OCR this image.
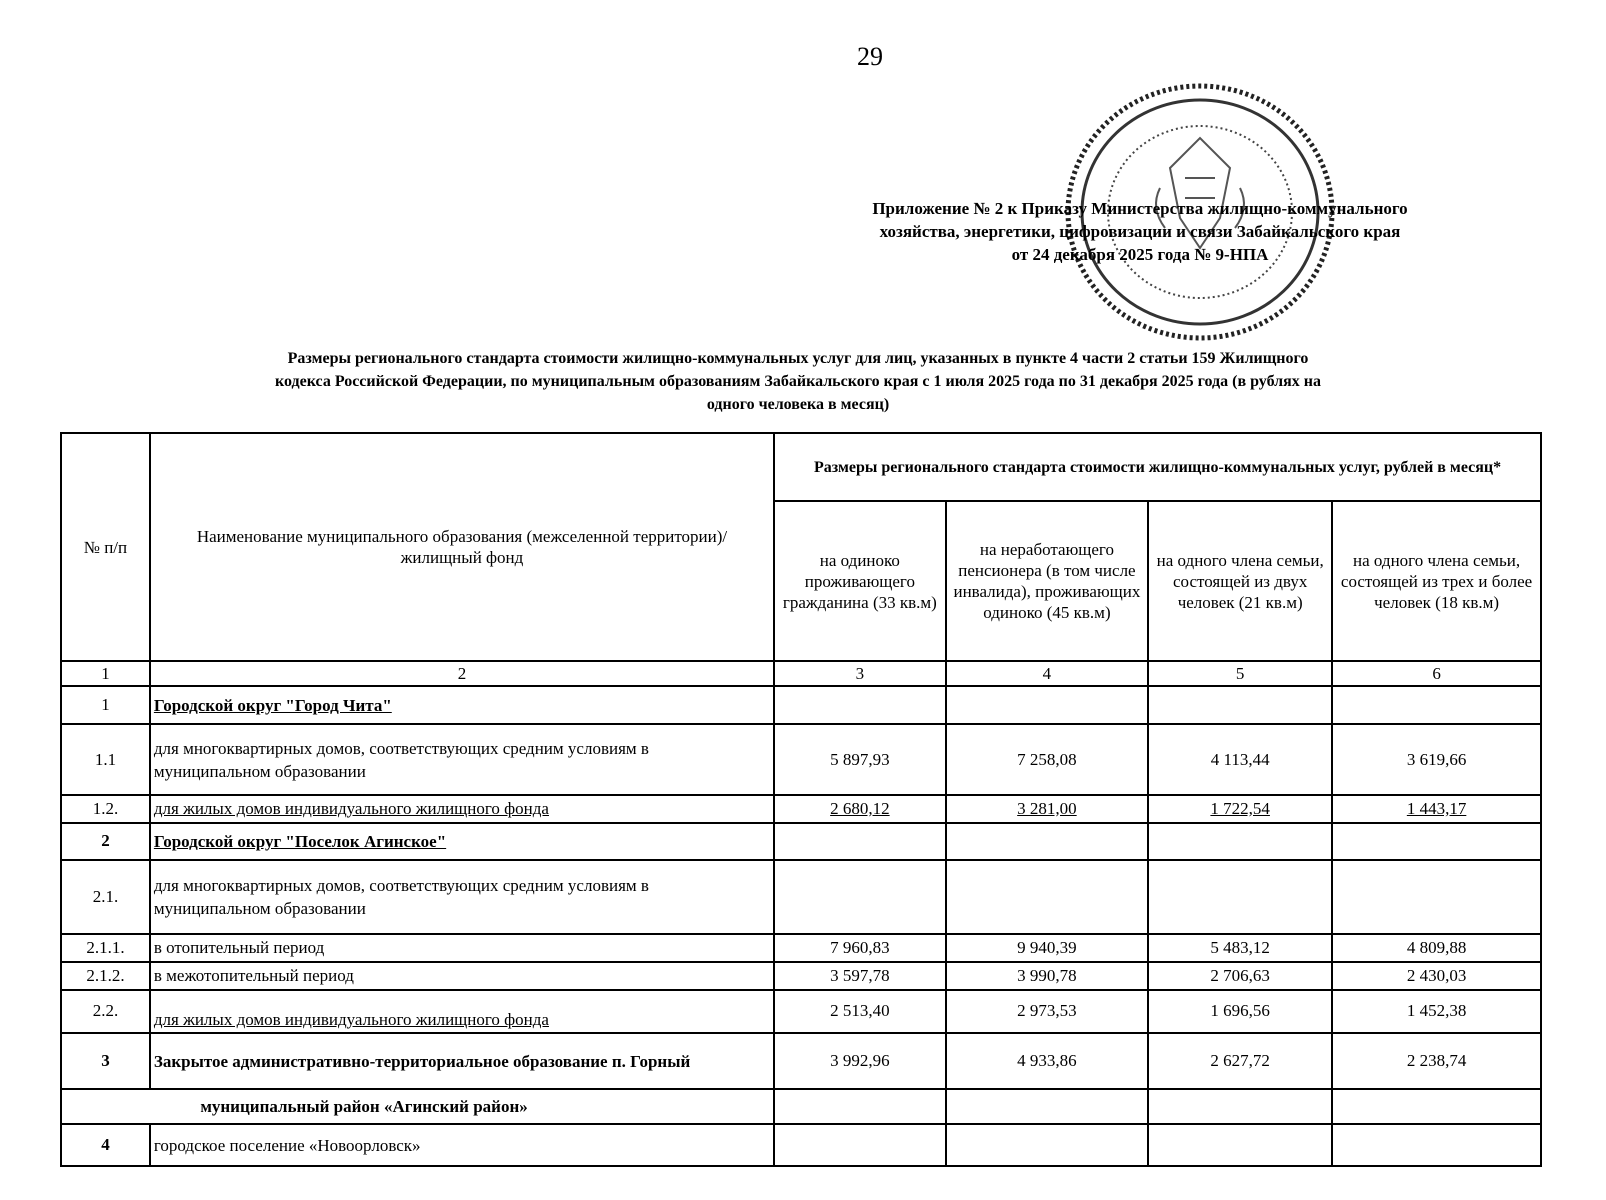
29
Приложение № 2 к Приказу Министерства жилищно-коммунального
хозяйства, энергетики, цифровизации и связи Забайкальского края
от 24 декабря 2025 года № 9-НПА
Размеры регионального стандарта стоимости жилищно-коммунальных услуг для лиц, указанных в пункте 4 части 2 статьи 159 Жилищного
кодекса Российской Федерации, по муниципальным образованиям Забайкальского края с 1 июля 2025 года по 31 декабря 2025 года (в рублях на
одного человека в месяц)
№ п/п	Наименование муниципального образования (межселенной территории)/ жилищный фонд	Размеры регионального стандарта стоимости жилищно-коммунальных услуг, рублей в месяц*			
		на одиноко проживающего гражданина (33 кв.м)	на неработающего пенсионера (в том числе инвалида), проживающих одиноко (45 кв.м)	на одного члена семьи, состоящей из двух человек (21 кв.м)	на одного члена семьи, состоящей из трех и более человек (18 кв.м)
1	2	3	4	5	6
1	Городской округ "Город Чита"				
1.1	для многоквартирных домов, соответствующих средним условиям в муниципальном образовании	5 897,93	7 258,08	4 113,44	3 619,66
1.2.	для жилых домов индивидуального жилищного фонда	2 680,12	3 281,00	1 722,54	1 443,17
2	Городской округ "Поселок Агинское"				
2.1.	для многоквартирных домов, соответствующих средним условиям в муниципальном образовании				
2.1.1.	в отопительный период	7 960,83	9 940,39	5 483,12	4 809,88
2.1.2.	в межотопительный период	3 597,78	3 990,78	2 706,63	2 430,03
2.2.	для жилых домов индивидуального жилищного фонда	2 513,40	2 973,53	1 696,56	1 452,38
3	Закрытое административно-территориальное образование п. Горный	3 992,96	4 933,86	2 627,72	2 238,74
муниципальный район «Агинский район»					
4	городское поселение «Новоорловск»				
